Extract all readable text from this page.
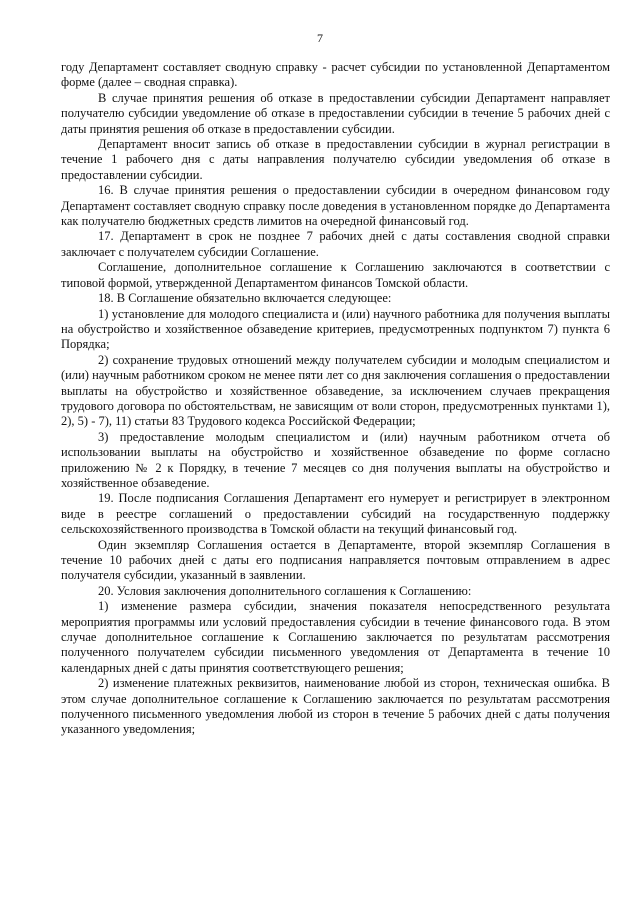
7

году Департамент составляет сводную справку - расчет субсидии по установленной Департаментом форме (далее – сводная справка).

В случае принятия решения об отказе в предоставлении субсидии Департамент направляет получателю субсидии уведомление об отказе в предоставлении субсидии в течение 5 рабочих дней с даты принятия решения об отказе в предоставлении субсидии.

Департамент вносит запись об отказе в предоставлении субсидии в журнал регистрации в течение 1 рабочего дня с даты направления получателю субсидии уведомления об отказе в предоставлении субсидии.

16. В случае принятия решения о предоставлении субсидии в очередном финансовом году Департамент составляет сводную справку после доведения в установленном порядке до Департамента как получателю бюджетных средств лимитов на очередной финансовый год.

17. Департамент в срок не позднее 7 рабочих дней с даты составления сводной справки заключает с получателем субсидии Соглашение.

Соглашение, дополнительное соглашение к Соглашению заключаются в соответствии с типовой формой, утвержденной Департаментом финансов Томской области.

18. В Соглашение обязательно включается следующее:

1) установление для молодого специалиста и (или) научного работника для получения выплаты на обустройство и хозяйственное обзаведение критериев, предусмотренных подпунктом 7) пункта 6 Порядка;

2) сохранение трудовых отношений между получателем субсидии и молодым специалистом и (или) научным работником сроком не менее пяти лет со дня заключения соглашения о предоставлении выплаты на обустройство и хозяйственное обзаведение, за исключением случаев прекращения трудового договора по обстоятельствам, не зависящим от воли сторон, предусмотренных пунктами 1), 2), 5) - 7), 11) статьи 83 Трудового кодекса Российской Федерации;

3) предоставление молодым специалистом и (или) научным работником отчета об использовании выплаты на обустройство и хозяйственное обзаведение по форме согласно приложению № 2 к Порядку, в течение 7 месяцев со дня получения выплаты на обустройство и хозяйственное обзаведение.

19. После подписания Соглашения Департамент его нумерует и регистрирует в электронном виде в реестре соглашений о предоставлении субсидий на государственную поддержку сельскохозяйственного производства в Томской области на текущий финансовый год.

Один экземпляр Соглашения остается в Департаменте, второй экземпляр Соглашения в течение 10 рабочих дней с даты его подписания направляется почтовым отправлением в адрес получателя субсидии, указанный в заявлении.

20. Условия заключения дополнительного соглашения к Соглашению:

1) изменение размера субсидии, значения показателя непосредственного результата мероприятия программы или условий предоставления субсидии в течение финансового года. В этом случае дополнительное соглашение к Соглашению заключается по результатам рассмотрения полученного получателем субсидии письменного уведомления от Департамента в течение 10 календарных дней с даты принятия соответствующего решения;

2) изменение платежных реквизитов, наименование любой из сторон, техническая ошибка. В этом случае дополнительное соглашение к Соглашению заключается по результатам рассмотрения полученного письменного уведомления любой из сторон в течение 5 рабочих дней с даты получения указанного уведомления;
